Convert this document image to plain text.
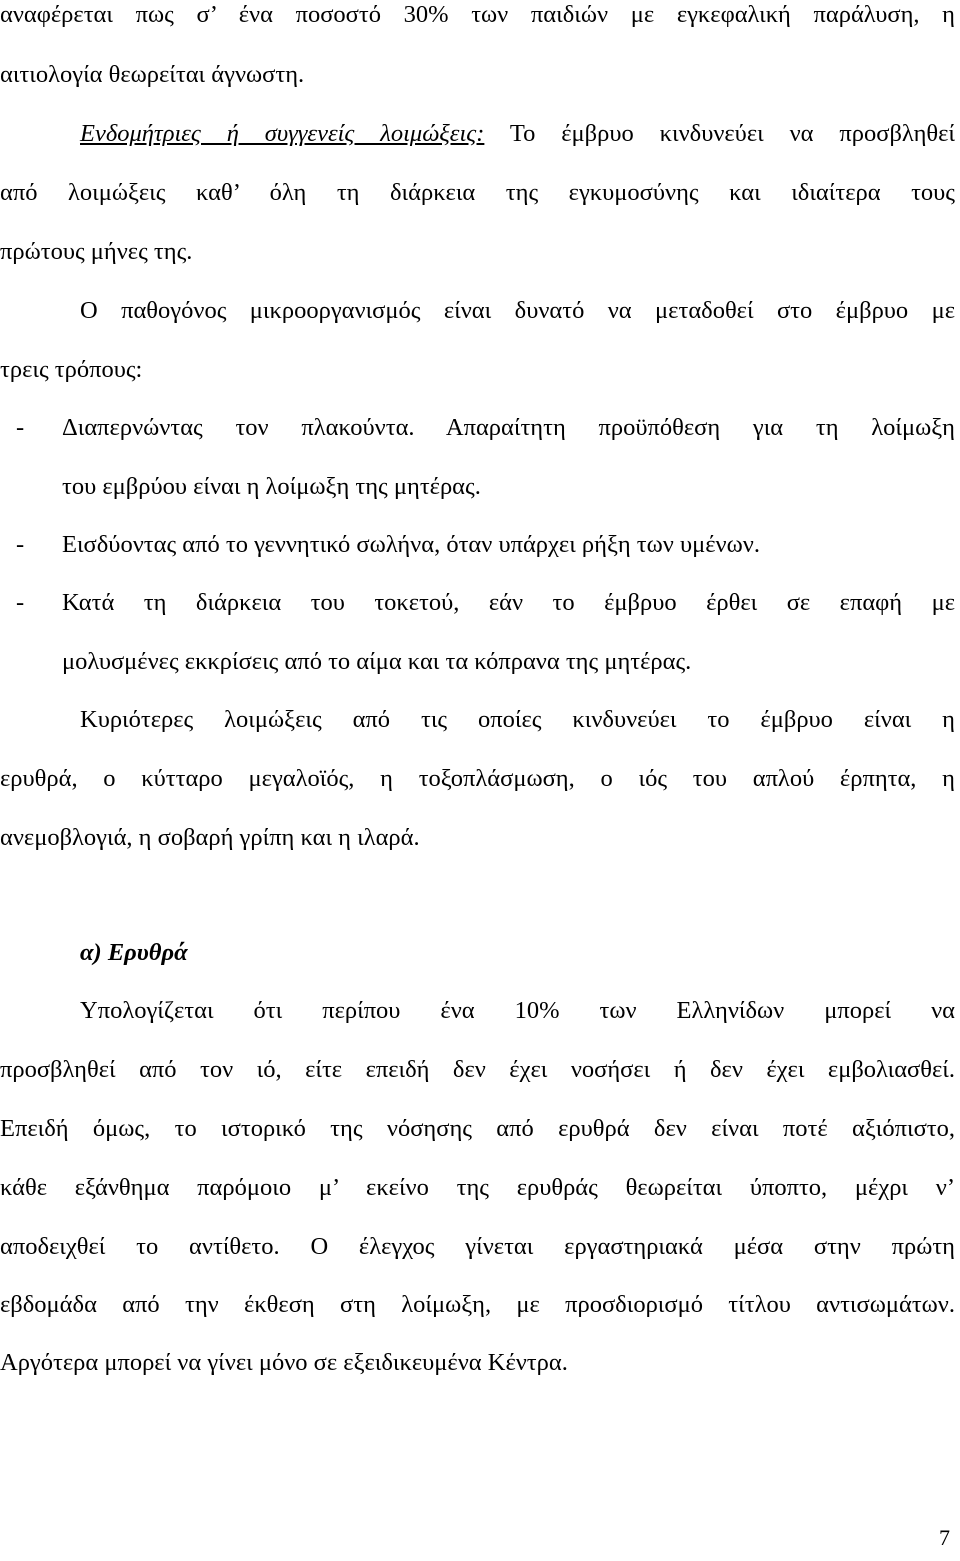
αναφέρεται πως σ’ ένα ποσοστό 30% των παιδιών με εγκεφαλική παράλυση, η
αιτιολογία θεωρείται άγνωστη.
Ενδομήτριες ή συγγενείς λοιμώξεις: Το έμβρυο κινδυνεύει να προσβληθεί
από λοιμώξεις καθ’ όλη τη διάρκεια της εγκυμοσύνης και ιδιαίτερα τους
πρώτους μήνες της.
Ο παθογόνος μικροοργανισμός είναι δυνατό να μεταδοθεί στο έμβρυο με
τρεις τρόπους:
- Διαπερνώντας τον πλακούντα. Απαραίτητη προϋπόθεση για τη λοίμωξη
του εμβρύου είναι η λοίμωξη της μητέρας.
- Εισδύοντας από το γεννητικό σωλήνα, όταν υπάρχει ρήξη των υμένων.
- Κατά τη διάρκεια του τοκετού, εάν το έμβρυο έρθει σε επαφή με
μολυσμένες εκκρίσεις από το αίμα και τα κόπρανα της μητέρας.
Κυριότερες λοιμώξεις από τις οποίες κινδυνεύει το έμβρυο είναι η
ερυθρά, ο κύτταρο μεγαλοϊός, η τοξοπλάσμωση, ο ιός του απλού έρπητα, η
ανεμοβλογιά, η σοβαρή γρίπη και η ιλαρά.
α) Ερυθρά
Υπολογίζεται ότι περίπου ένα 10% των Ελληνίδων μπορεί να
προσβληθεί από τον ιό, είτε επειδή δεν έχει νοσήσει ή δεν έχει εμβολιασθεί.
Επειδή όμως, το ιστορικό της νόσησης από ερυθρά δεν είναι ποτέ αξιόπιστο,
κάθε εξάνθημα παρόμοιο μ’ εκείνο της ερυθράς θεωρείται ύποπτο, μέχρι ν’
αποδειχθεί το αντίθετο. Ο έλεγχος γίνεται εργαστηριακά μέσα στην πρώτη
εβδομάδα από την έκθεση στη λοίμωξη, με προσδιορισμό τίτλου αντισωμάτων.
Αργότερα μπορεί να γίνει μόνο σε εξειδικευμένα Κέντρα.
7
